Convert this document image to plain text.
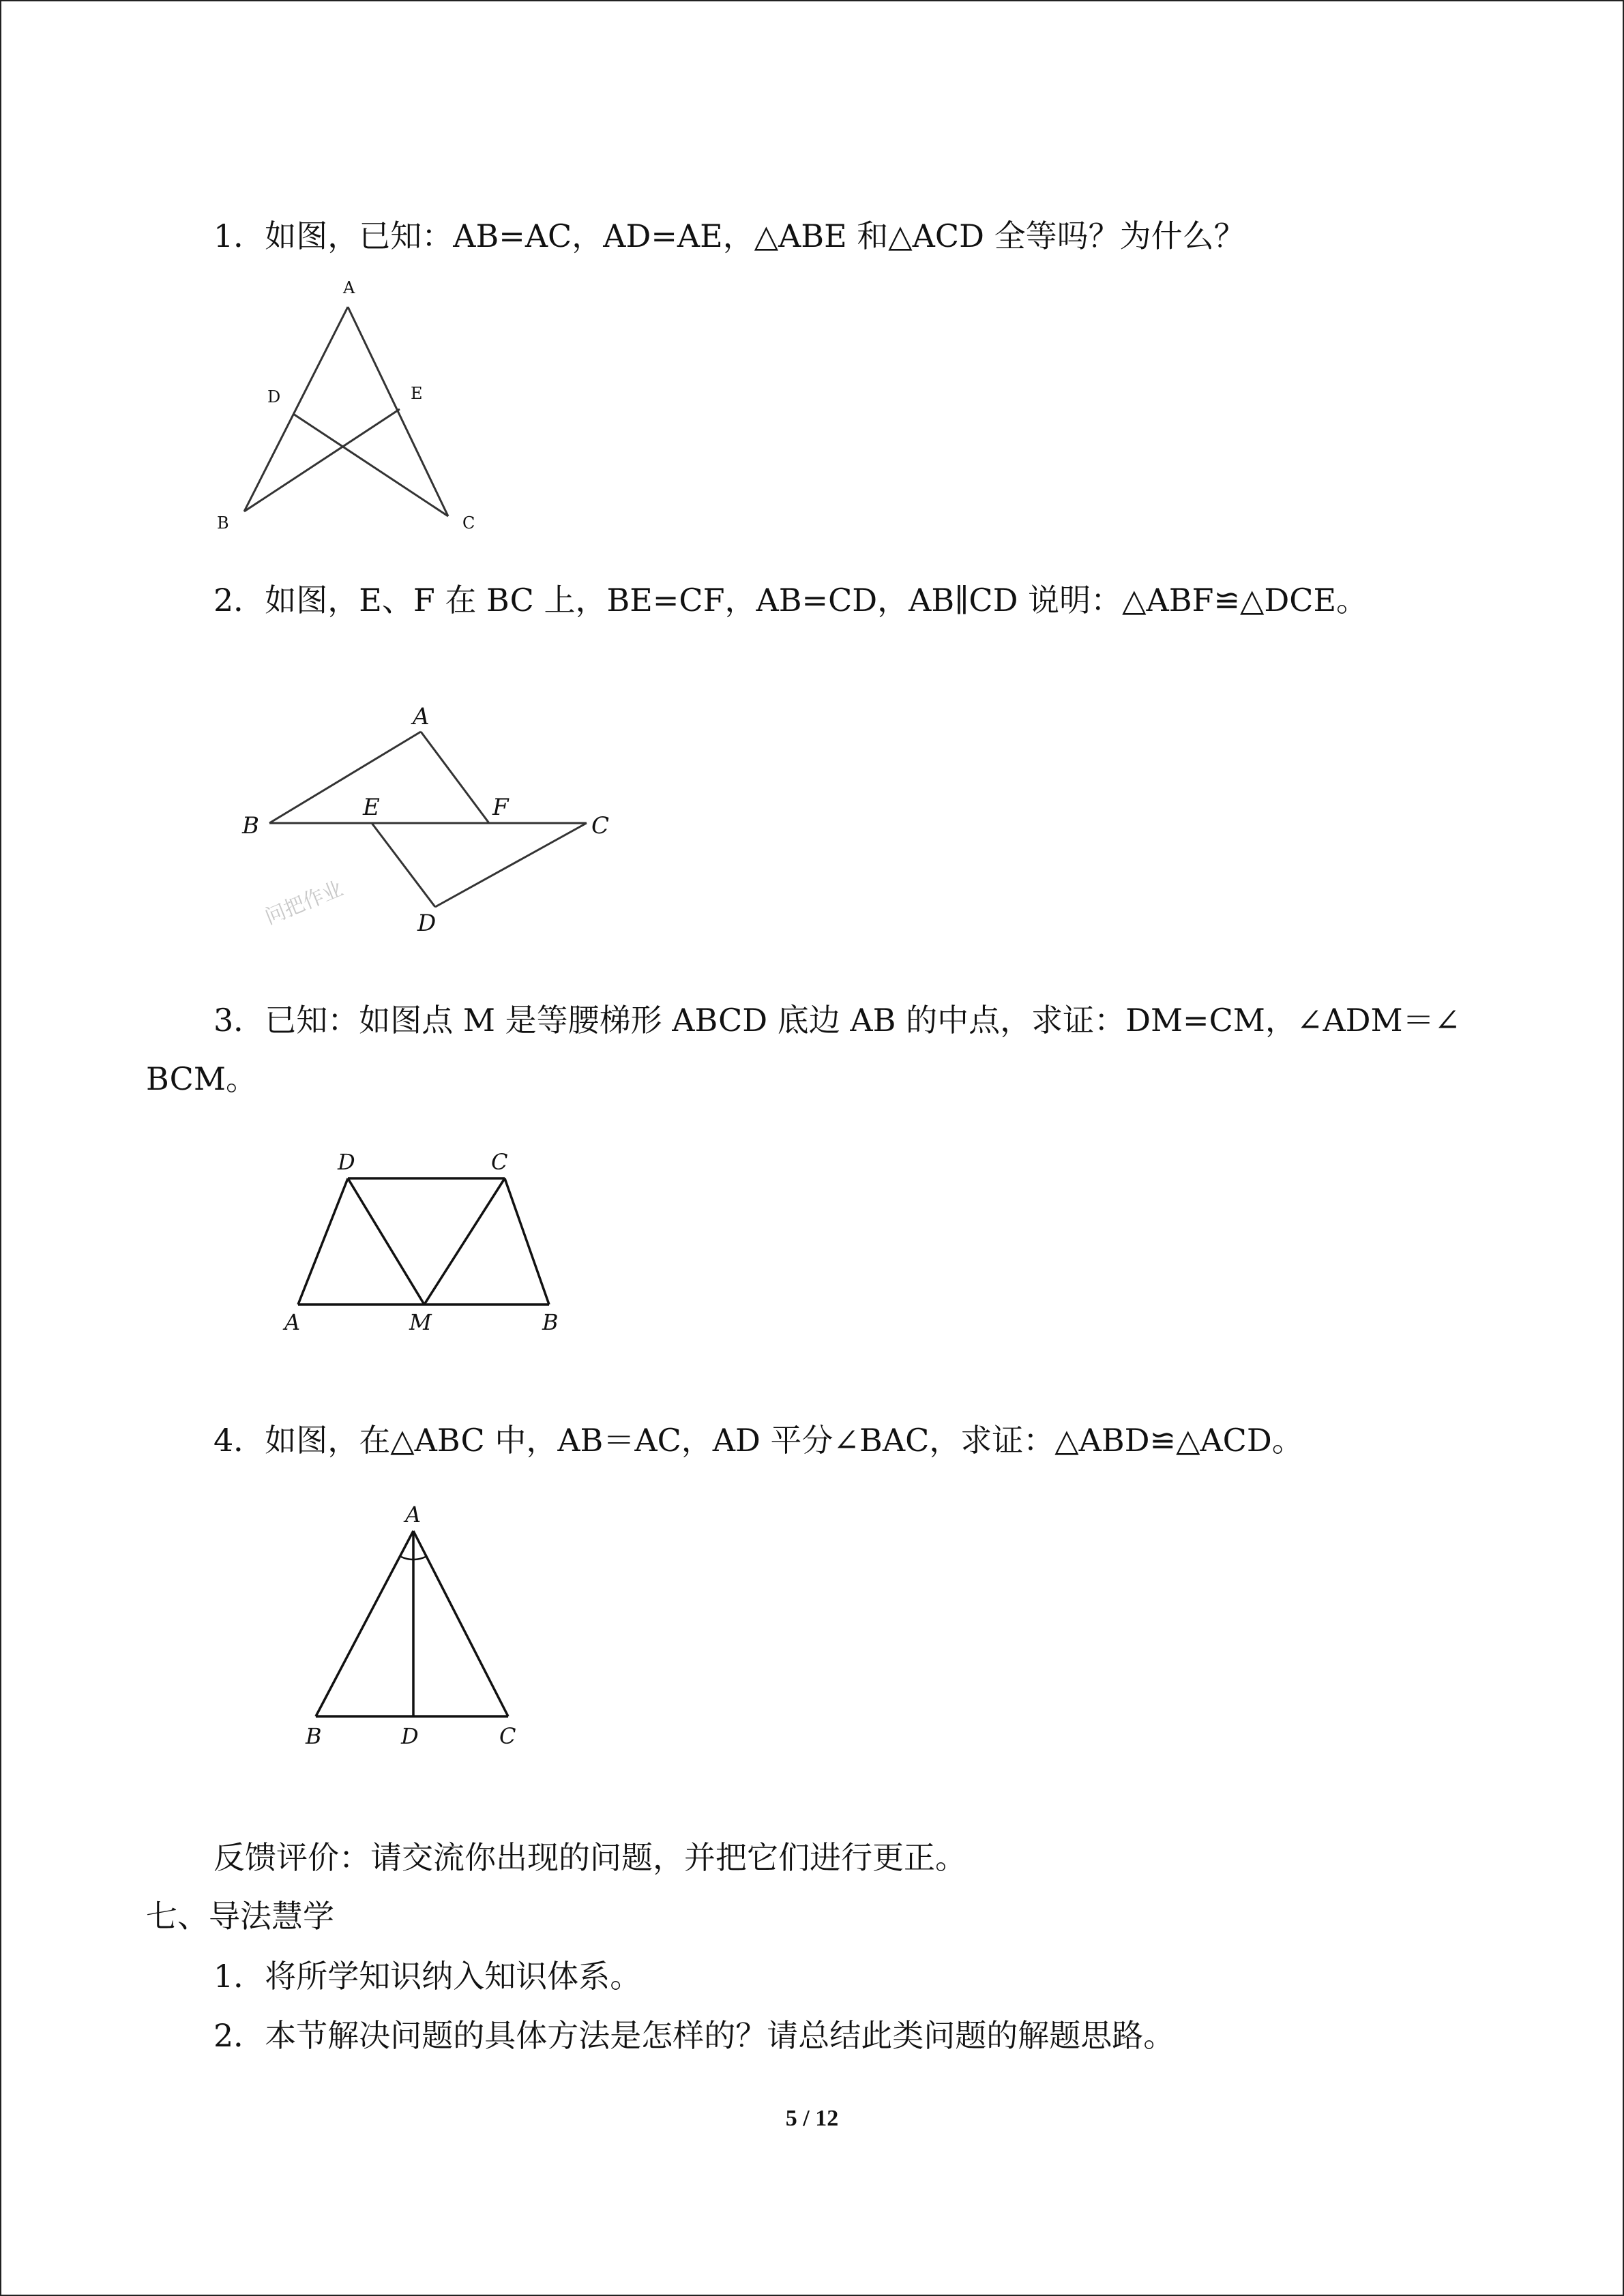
1．如图，已知：AB=AC，AD=AE，△ABE 和△ACD 全等吗？为什么？
A
B	C
D	E
2．如图，E、F 在 BC 上，BE=CF，AB=CD，AB∥CD 说明：△ABF≌△DCE。
A
B	C
D
E	F
问把作业
3．已知：如图点 M 是等腰梯形 ABCD 底边 AB 的中点，求证：DM=CM，∠ADM＝∠
BCM。
D	C
A	M	B
4．如图，在△ABC 中，AB＝AC，AD 平分∠BAC，求证：△ABD≌△ACD。
A
B	D	C
反馈评价：请交流你出现的问题，并把它们进行更正。
七、导法慧学
1．将所学知识纳入知识体系。
2．本节解决问题的具体方法是怎样的？请总结此类问题的解题思路。
5 / 12
